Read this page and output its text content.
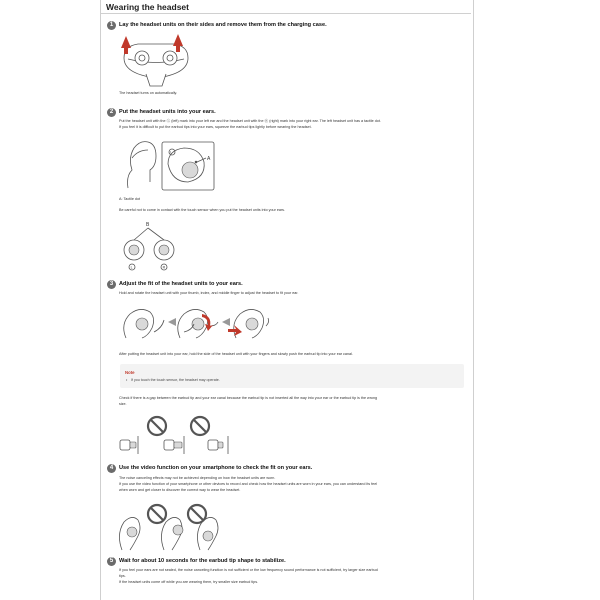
Wearing the headset
1	Lay the headset units on their sides and remove them from the charging case.
The headset turns on automatically.
2	Put the headset units into your ears.
Put the headset unit with the Ⓛ (left) mark into your left ear and the headset unit with the Ⓡ (right) mark into your right ear. The left headset unit has a tactile dot.
If you feel it is difficult to put the earbud tips into your ears, squeeze the earbud tips lightly before wearing the headset.
A
L
A: Tactile dot
Be careful not to come in contact with the touch sensor when you put the headset units into your ears.
B
L	R
3	Adjust the fit of the headset units to your ears.
Hold and rotate the headset unit with your thumb, index, and middle finger to adjust the headset to fit your ear.
After putting the headset unit into your ear, hold the side of the headset unit with your fingers and slowly push the earbud tip into your ear canal.
Note
• If you touch the touch sensor, the headset may operate.
Check if there is a gap between the earbud tip and your ear canal because the earbud tip is not inserted all the way into your ear or the earbud tip is the wrong
size.
4	Use the video function on your smartphone to check the fit on your ears.
The noise canceling effects may not be achieved depending on how the headset units are worn.
If you use the video function of your smartphone or other devices to record and check how the headset units are worn in your ears, you can understand its feel
when worn and get closer to discover the correct way to wear the headset.
5	Wait for about 10 seconds for the earbud tip shape to stabilize.
If you feel your ears are not sealed, the noise canceling function is not sufficient or the low frequency sound performance is not sufficient, try larger size earbud
tips.
If the headset units come off while you are wearing them, try smaller size earbud tips.
